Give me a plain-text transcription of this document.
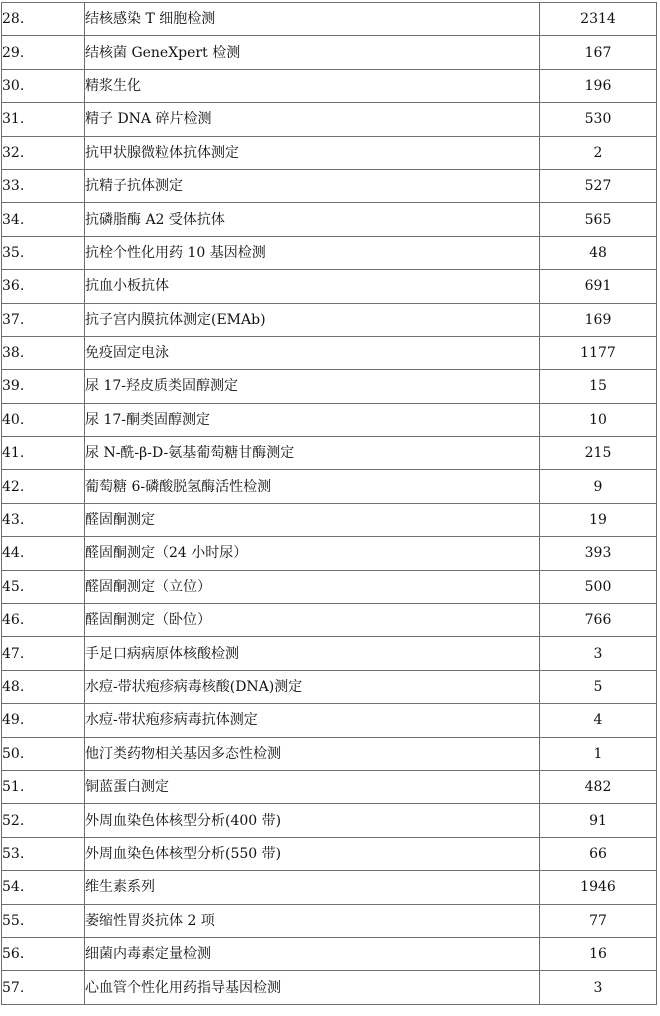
28.	结核感染 T 细胞检测	2314
29.	结核菌 GeneXpert 检测	167
30.	精浆生化	196
31.	精子 DNA 碎片检测	530
32.	抗甲状腺微粒体抗体测定	2
33.	抗精子抗体测定	527
34.	抗磷脂酶 A2 受体抗体	565
35.	抗栓个性化用药 10 基因检测	48
36.	抗血小板抗体	691
37.	抗子宫内膜抗体测定(EMAb)	169
38.	免疫固定电泳	1177
39.	尿 17-羟皮质类固醇测定	15
40.	尿 17-酮类固醇测定	10
41.	尿 N-酰-β-D-氨基葡萄糖甘酶测定	215
42.	葡萄糖 6-磷酸脱氢酶活性检测	9
43.	醛固酮测定	19
44.	醛固酮测定（24 小时尿）	393
45.	醛固酮测定（立位）	500
46.	醛固酮测定（卧位）	766
47.	手足口病病原体核酸检测	3
48.	水痘-带状疱疹病毒核酸(DNA)测定	5
49.	水痘-带状疱疹病毒抗体测定	4
50.	他汀类药物相关基因多态性检测	1
51.	铜蓝蛋白测定	482
52.	外周血染色体核型分析(400 带)	91
53.	外周血染色体核型分析(550 带)	66
54.	维生素系列	1946
55.	萎缩性胃炎抗体 2 项	77
56.	细菌内毒素定量检测	16
57.	心血管个性化用药指导基因检测	3
